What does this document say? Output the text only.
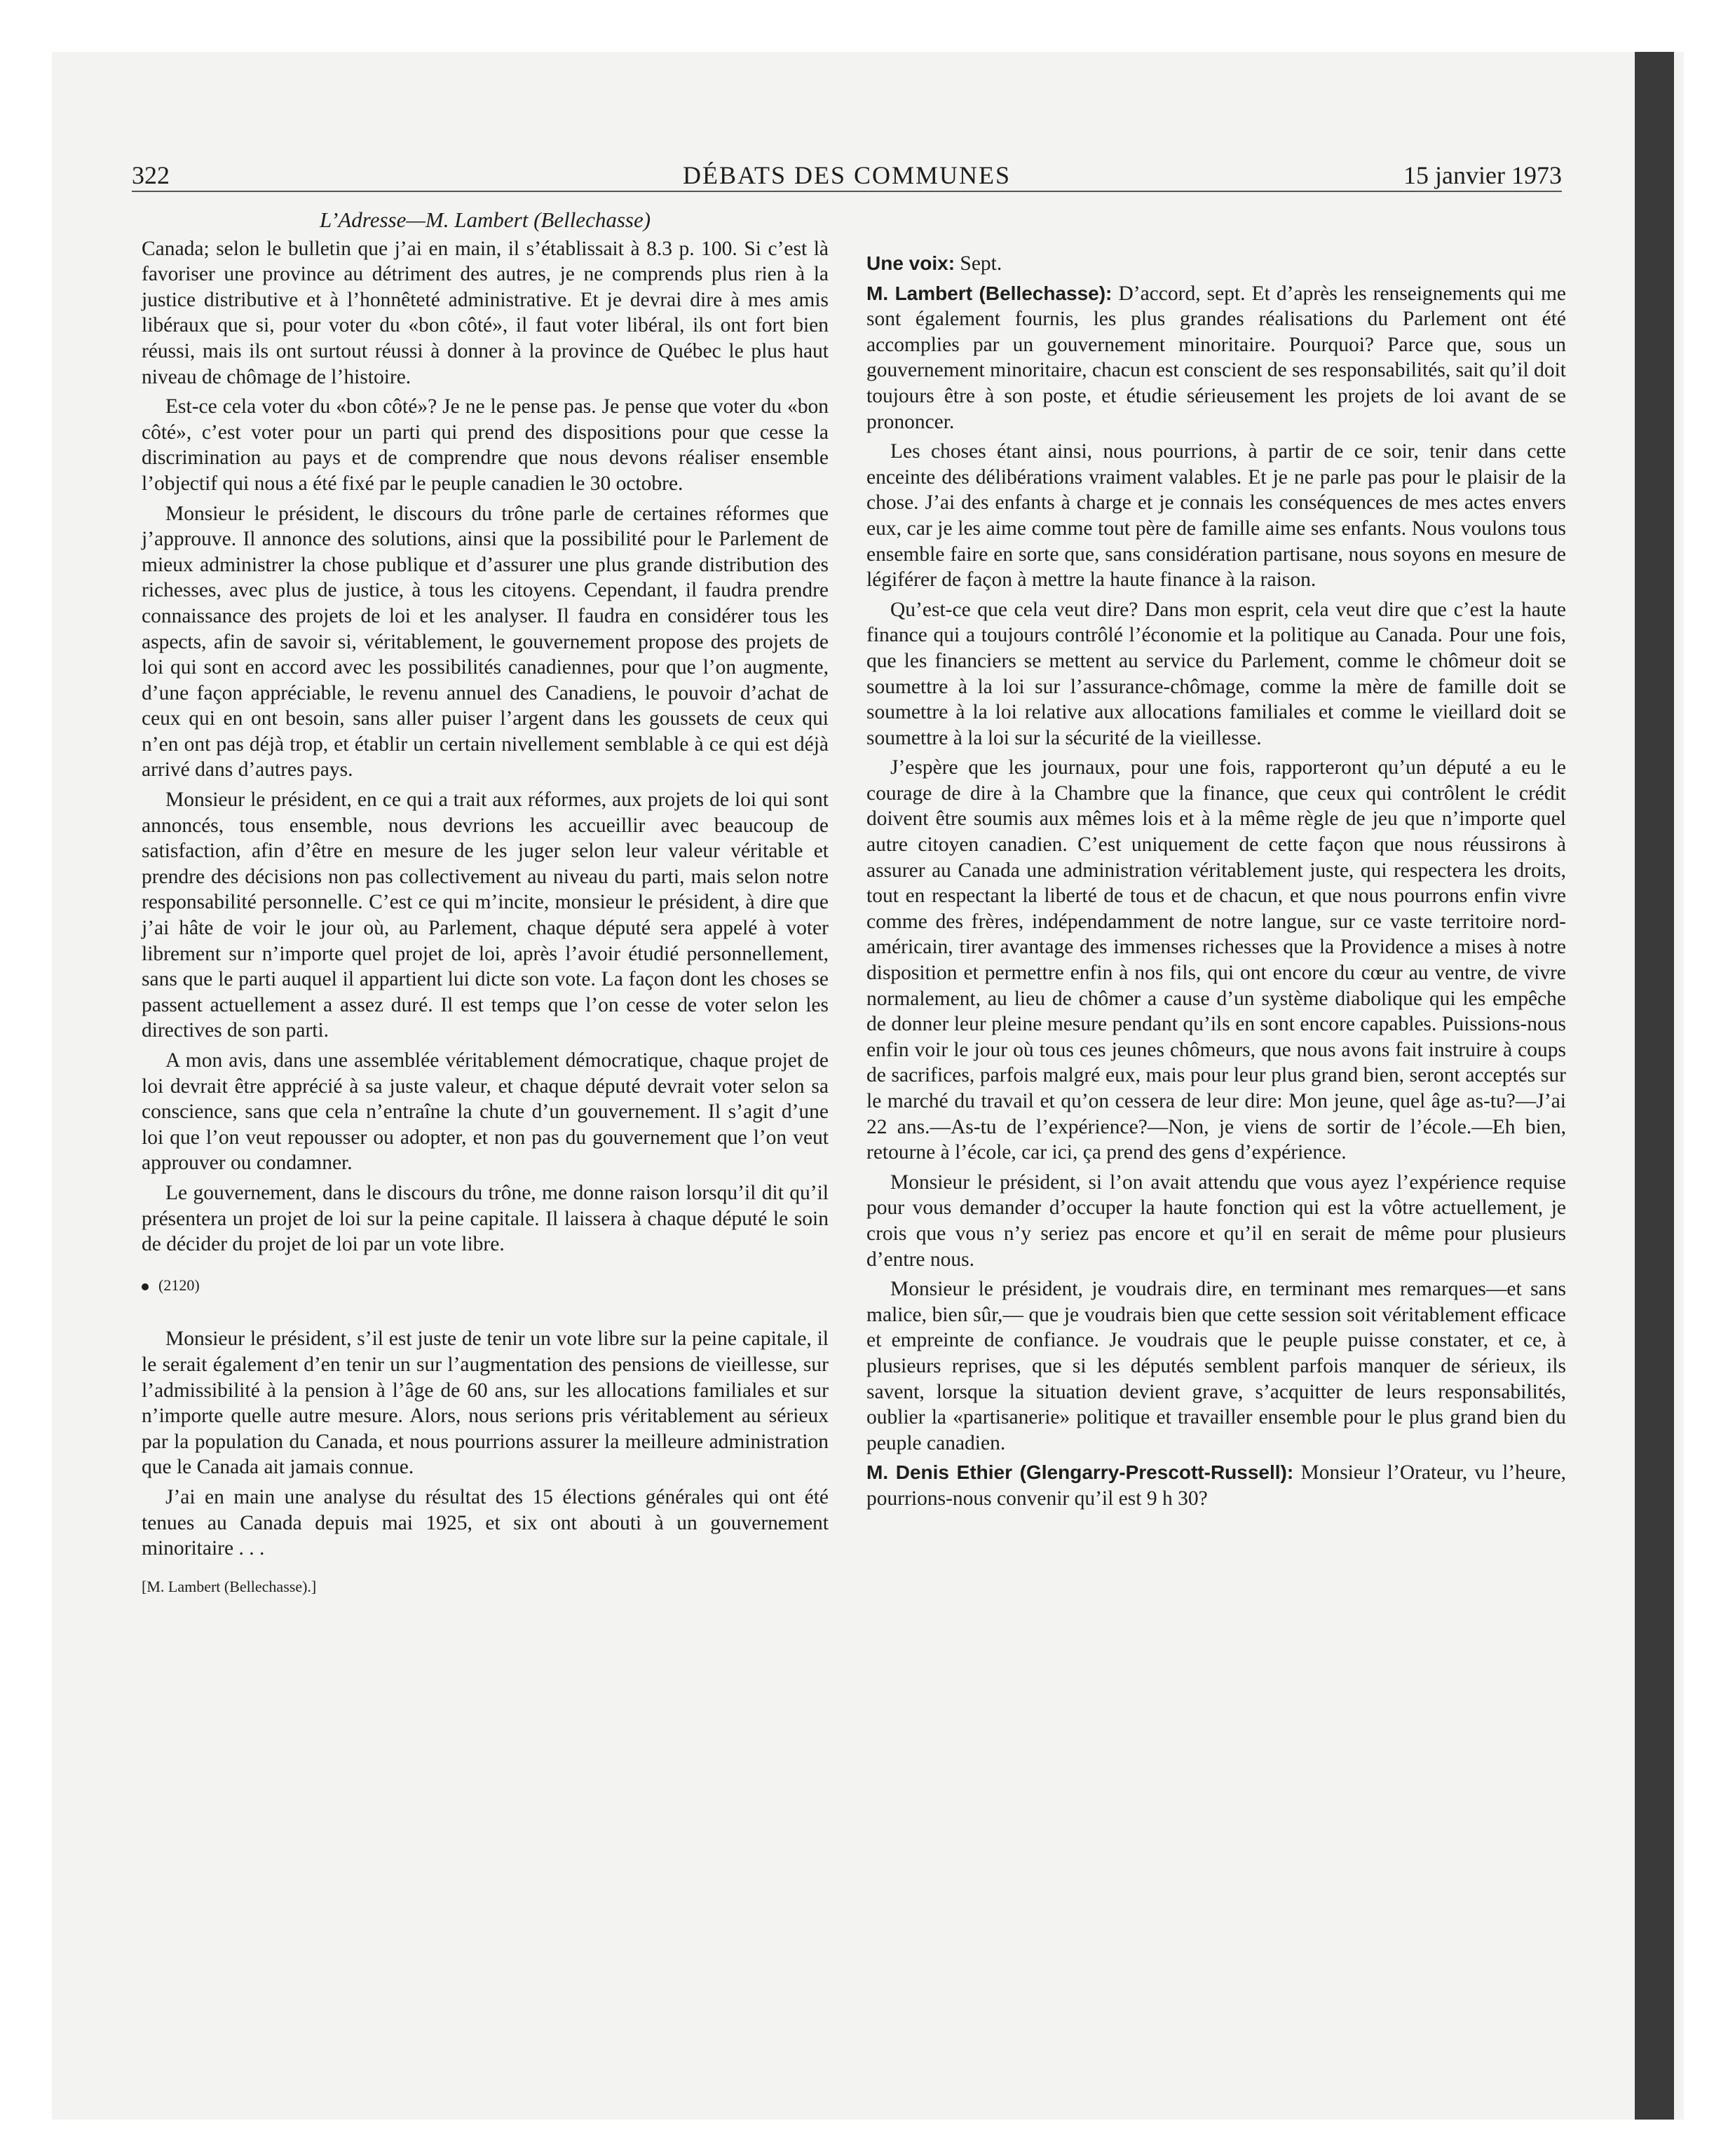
322	DÉBATS DES COMMUNES	15 janvier 1973
L’Adresse—M. Lambert (Bellechasse)

Canada; selon le bulletin que j’ai en main, il s’établissait à 8.3 p. 100. Si c’est là favoriser une province au détriment des autres, je ne comprends plus rien à la justice distributive et à l’honnêteté administrative. Et je devrai dire à mes amis libéraux que si, pour voter du «bon côté», il faut voter libéral, ils ont fort bien réussi, mais ils ont surtout réussi à donner à la province de Québec le plus haut niveau de chômage de l’histoire.

Est-ce cela voter du «bon côté»? Je ne le pense pas. Je pense que voter du «bon côté», c’est voter pour un parti qui prend des dispositions pour que cesse la discrimination au pays et de comprendre que nous devons réaliser ensemble l’objectif qui nous a été fixé par le peuple canadien le 30 octobre.

Monsieur le président, le discours du trône parle de certaines réformes que j’approuve. Il annonce des solutions, ainsi que la possibilité pour le Parlement de mieux administrer la chose publique et d’assurer une plus grande distribution des richesses, avec plus de justice, à tous les citoyens. Cependant, il faudra prendre connaissance des projets de loi et les analyser. Il faudra en considérer tous les aspects, afin de savoir si, véritablement, le gouvernement propose des projets de loi qui sont en accord avec les possibilités canadiennes, pour que l’on augmente, d’une façon appréciable, le revenu annuel des Canadiens, le pouvoir d’achat de ceux qui en ont besoin, sans aller puiser l’argent dans les goussets de ceux qui n’en ont pas déjà trop, et établir un certain nivellement semblable à ce qui est déjà arrivé dans d’autres pays.

Monsieur le président, en ce qui a trait aux réformes, aux projets de loi qui sont annoncés, tous ensemble, nous devrions les accueillir avec beaucoup de satisfaction, afin d’être en mesure de les juger selon leur valeur véritable et prendre des décisions non pas collectivement au niveau du parti, mais selon notre responsabilité personnelle. C’est ce qui m’incite, monsieur le président, à dire que j’ai hâte de voir le jour où, au Parlement, chaque député sera appelé à voter librement sur n’importe quel projet de loi, après l’avoir étudié personnellement, sans que le parti auquel il appartient lui dicte son vote. La façon dont les choses se passent actuellement a assez duré. Il est temps que l’on cesse de voter selon les directives de son parti.

A mon avis, dans une assemblée véritablement démocratique, chaque projet de loi devrait être apprécié à sa juste valeur, et chaque député devrait voter selon sa conscience, sans que cela n’entraîne la chute d’un gouvernement. Il s’agit d’une loi que l’on veut repousser ou adopter, et non pas du gouvernement que l’on veut approuver ou condamner.

Le gouvernement, dans le discours du trône, me donne raison lorsqu’il dit qu’il présentera un projet de loi sur la peine capitale. Il laissera à chaque député le soin de décider du projet de loi par un vote libre.

(2120)

Monsieur le président, s’il est juste de tenir un vote libre sur la peine capitale, il le serait également d’en tenir un sur l’augmentation des pensions de vieillesse, sur l’admissibilité à la pension à l’âge de 60 ans, sur les allocations familiales et sur n’importe quelle autre mesure. Alors, nous serions pris véritablement au sérieux par la population du Canada, et nous pourrions assurer la meilleure administration que le Canada ait jamais connue.

J’ai en main une analyse du résultat des 15 élections générales qui ont été tenues au Canada depuis mai 1925, et six ont abouti à un gouvernement minoritaire . . .

[M. Lambert (Bellechasse).]

Une voix: Sept.

M. Lambert (Bellechasse): D’accord, sept. Et d’après les renseignements qui me sont également fournis, les plus grandes réalisations du Parlement ont été accomplies par un gouvernement minoritaire. Pourquoi? Parce que, sous un gouvernement minoritaire, chacun est conscient de ses responsabilités, sait qu’il doit toujours être à son poste, et étudie sérieusement les projets de loi avant de se prononcer.

Les choses étant ainsi, nous pourrions, à partir de ce soir, tenir dans cette enceinte des délibérations vraiment valables. Et je ne parle pas pour le plaisir de la chose. J’ai des enfants à charge et je connais les conséquences de mes actes envers eux, car je les aime comme tout père de famille aime ses enfants. Nous voulons tous ensemble faire en sorte que, sans considération partisane, nous soyons en mesure de légiférer de façon à mettre la haute finance à la raison.

Qu’est-ce que cela veut dire? Dans mon esprit, cela veut dire que c’est la haute finance qui a toujours contrôlé l’économie et la politique au Canada. Pour une fois, que les financiers se mettent au service du Parlement, comme le chômeur doit se soumettre à la loi sur l’assurance-chômage, comme la mère de famille doit se soumettre à la loi relative aux allocations familiales et comme le vieillard doit se soumettre à la loi sur la sécurité de la vieillesse.

J’espère que les journaux, pour une fois, rapporteront qu’un député a eu le courage de dire à la Chambre que la finance, que ceux qui contrôlent le crédit doivent être soumis aux mêmes lois et à la même règle de jeu que n’importe quel autre citoyen canadien. C’est uniquement de cette façon que nous réussirons à assurer au Canada une administration véritablement juste, qui respectera les droits, tout en respectant la liberté de tous et de chacun, et que nous pourrons enfin vivre comme des frères, indépendamment de notre langue, sur ce vaste territoire nord-américain, tirer avantage des immenses richesses que la Providence a mises à notre disposition et permettre enfin à nos fils, qui ont encore du cœur au ventre, de vivre normalement, au lieu de chômer a cause d’un système diabolique qui les empêche de donner leur pleine mesure pendant qu’ils en sont encore capables. Puissions-nous enfin voir le jour où tous ces jeunes chômeurs, que nous avons fait instruire à coups de sacrifices, parfois malgré eux, mais pour leur plus grand bien, seront acceptés sur le marché du travail et qu’on cessera de leur dire: Mon jeune, quel âge as-tu?—J’ai 22 ans.—As-tu de l’expérience?—Non, je viens de sortir de l’école.—Eh bien, retourne à l’école, car ici, ça prend des gens d’expérience.

Monsieur le président, si l’on avait attendu que vous ayez l’expérience requise pour vous demander d’occuper la haute fonction qui est la vôtre actuellement, je crois que vous n’y seriez pas encore et qu’il en serait de même pour plusieurs d’entre nous.

Monsieur le président, je voudrais dire, en terminant mes remarques—et sans malice, bien sûr,— que je voudrais bien que cette session soit véritablement efficace et empreinte de confiance. Je voudrais que le peuple puisse constater, et ce, à plusieurs reprises, que si les députés semblent parfois manquer de sérieux, ils savent, lorsque la situation devient grave, s’acquitter de leurs responsabilités, oublier la «partisanerie» politique et travailler ensemble pour le plus grand bien du peuple canadien.

M. Denis Ethier (Glengarry-Prescott-Russell): Monsieur l’Orateur, vu l’heure, pourrions-nous convenir qu’il est 9 h 30?
